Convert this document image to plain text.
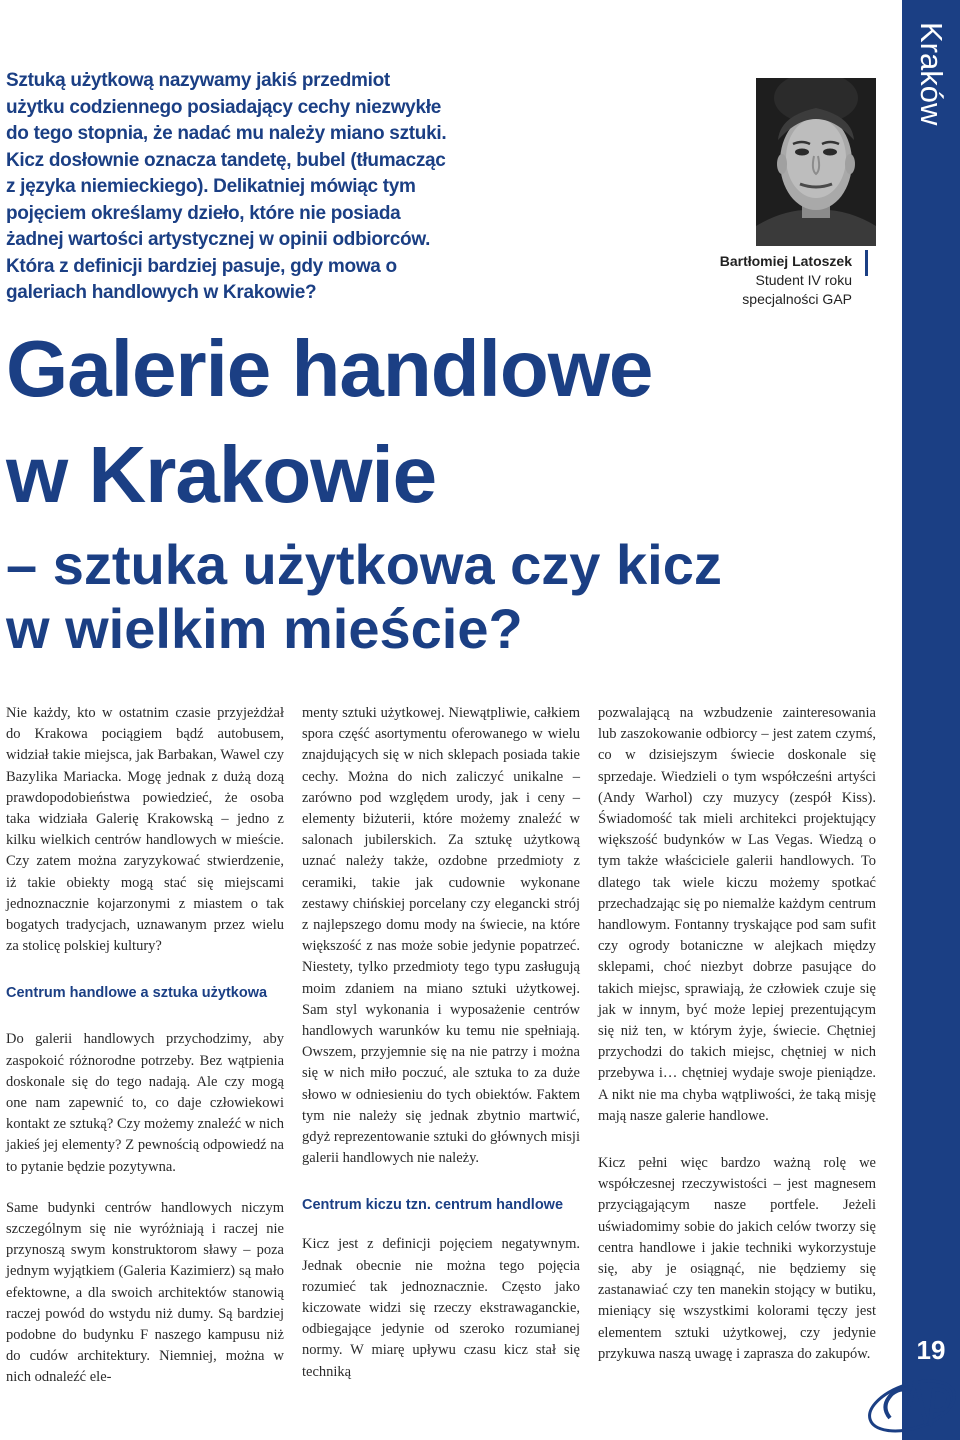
Sztuką użytkową nazywamy jakiś przedmiot użytku codziennego posiadający cechy niezwykłe do tego stopnia, że nadać mu należy miano sztuki. Kicz dosłownie oznacza tandetę, bubel (tłumacząc z języka niemieckiego). Delikatniej mówiąc tym pojęciem określamy dzieło, które nie posiada żadnej wartości artystycznej w opinii odbiorców. Która z definicji bardziej pasuje, gdy mowa o galeriach handlowych w Krakowie?

Bartłomiej Latoszek
Student IV roku
specjalności GAP
Galerie handlowe
w Krakowie
– sztuka użytkowa czy kicz
w wielkim mieście?
Kraków
19

Nie każdy, kto w ostatnim czasie przyjeżdżał do Krakowa pociągiem bądź autobusem, widział takie miejsca, jak Barbakan, Wawel czy Bazylika Mariacka. Mogę jednak z dużą dozą prawdopodobieństwa powiedzieć, że osoba taka widziała Galerię Krakowską – jedno z kilku wielkich centrów handlowych w mieście. Czy zatem można zaryzykować stwierdzenie, iż takie obiekty mogą stać się miejscami jednoznacznie kojarzonymi z miastem o tak bogatych tradycjach, uznawanym przez wielu za stolicę polskiej kultury?

Centrum handlowe a sztuka użytkowa

Do galerii handlowych przychodzimy, aby zaspokoić różnorodne potrzeby. Bez wątpienia doskonale się do tego nadają. Ale czy mogą one nam zapewnić to, co daje człowiekowi kontakt ze sztuką? Czy możemy znaleźć w nich jakieś jej elementy? Z pewnością odpowiedź na to pytanie będzie pozytywna.

Same budynki centrów handlowych niczym szczególnym się nie wyróżniają i raczej nie przynoszą swym konstruktorom sławy – poza jednym wyjątkiem (Galeria Kazimierz) są mało efektowne, a dla swoich architektów stanowią raczej powód do wstydu niż dumy. Są bardziej podobne do budynku F naszego kampusu niż do cudów architektury. Niemniej, można w nich odnaleźć ele-

menty sztuki użytkowej. Niewątpliwie, całkiem spora część asortymentu oferowanego w wielu znajdujących się w nich sklepach posiada takie cechy. Można do nich zaliczyć unikalne – zarówno pod względem urody, jak i ceny – elementy biżuterii, które możemy znaleźć w salonach jubilerskich. Za sztukę użytkową uznać należy także, ozdobne przedmioty z ceramiki, takie jak cudownie wykonane zestawy chińskiej porcelany czy elegancki strój z najlepszego domu mody na świecie, na które większość z nas może sobie jedynie popatrzeć. Niestety, tylko przedmioty tego typu zasługują moim zdaniem na miano sztuki użytkowej. Sam styl wykonania i wyposażenie centrów handlowych warunków ku temu nie spełniają. Owszem, przyjemnie się na nie patrzy i można się w nich miło poczuć, ale sztuka to za duże słowo w odniesieniu do tych obiektów. Faktem tym nie należy się jednak zbytnio martwić, gdyż reprezentowanie sztuki do głównych misji galerii handlowych nie należy.

Centrum kiczu tzn. centrum handlowe

Kicz jest z definicji pojęciem negatywnym. Jednak obecnie nie można tego pojęcia rozumieć tak jednoznacznie. Często jako kiczowate widzi się rzeczy ekstrawaganckie, odbiegające jedynie od szeroko rozumianej normy. W miarę upływu czasu kicz stał się techniką

pozwalającą na wzbudzenie zainteresowania lub zaszokowanie odbiorcy – jest zatem czymś, co w dzisiejszym świecie doskonale się sprzedaje. Wiedzieli o tym współcześni artyści (Andy Warhol) czy muzycy (zespół Kiss). Świadomość tak mieli architekci projektujący większość budynków w Las Vegas. Wiedzą o tym także właściciele galerii handlowych. To dlatego tak wiele kiczu możemy spotkać przechadzając się po niemalże każdym centrum handlowym. Fontanny tryskające pod sam sufit czy ogrody botaniczne w alejkach między sklepami, choć niezbyt dobrze pasujące do takich miejsc, sprawiają, że człowiek czuje się jak w innym, być może lepiej prezentującym się niż ten, w którym żyje, świecie. Chętniej przychodzi do takich miejsc, chętniej w nich przebywa i… chętniej wydaje swoje pieniądze. A nikt nie ma chyba wątpliwości, że taką misję mają nasze galerie handlowe.

Kicz pełni więc bardzo ważną rolę we współczesnej rzeczywistości – jest magnesem przyciągającym nasze portfele. Jeżeli uświadomimy sobie do jakich celów tworzy się centra handlowe i jakie techniki wykorzystuje się, aby je osiągnąć, nie będziemy się zastanawiać czy ten manekin stojący w butiku, mieniący się wszystkimi kolorami tęczy jest elementem sztuki użytkowej, czy jedynie przykuwa naszą uwagę i zaprasza do zakupów.
